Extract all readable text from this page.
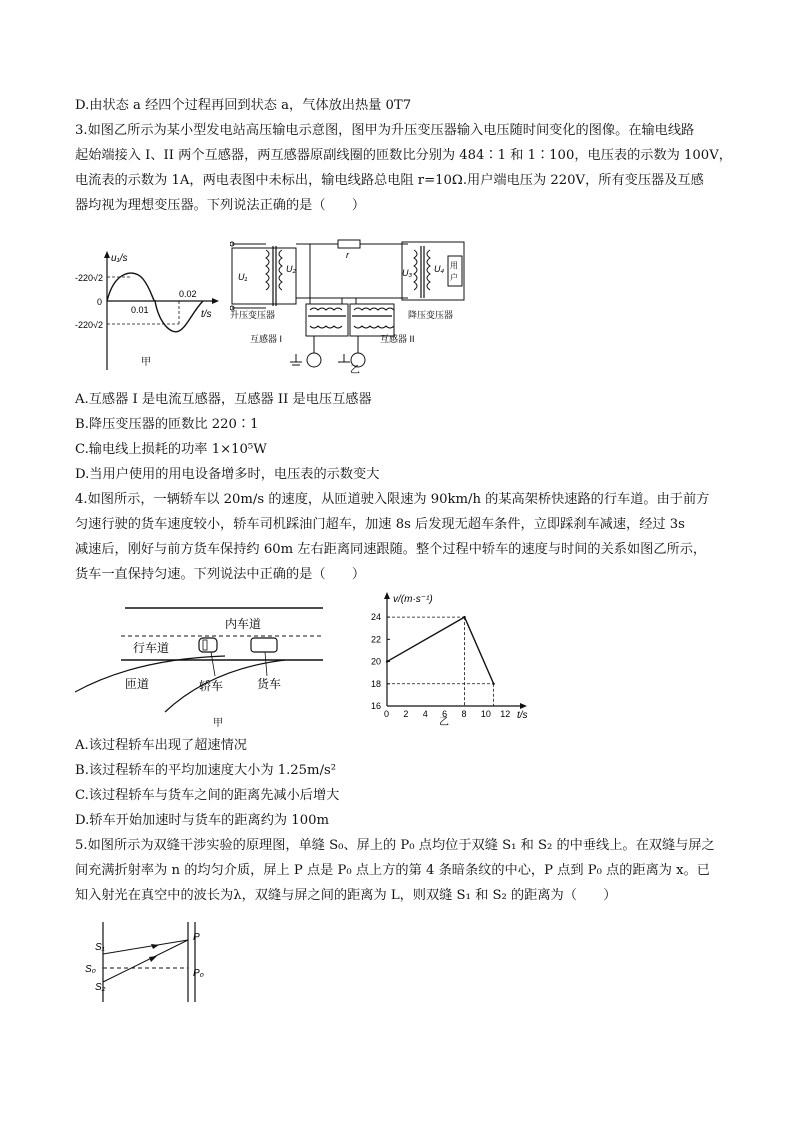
D.由状态 a 经四个过程再回到状态 a，气体放出热量 0T7
3.如图乙所示为某小型发电站高压输电示意图，图甲为升压变压器输入电压随时间变化的图像。在输电线路
起始端接入 I、II 两个互感器，两互感器原副线圈的匝数比分别为 484∶1 和 1∶100，电压表的示数为 100V，
电流表的示数为 1A，两电表图中未标出，输电线路总电阻 r=10Ω.用户端电压为 220V，所有变压器及互感
器均视为理想变压器。下列说法正确的是（　　）
u₁/s
-220√2
0
-220√2
0.01
0.02
t/s
甲
U₁
U₂
r
U₃ U₄ 用
户
升压变压器	降压变压器
互感器 I	互感器 II
乙
A.互感器 I 是电流互感器，互感器 II 是电压互感器
B.降压变压器的匝数比 220∶1
C.输电线上损耗的功率 1×10⁵W
D.当用户使用的用电设备增多时，电压表的示数变大
4.如图所示，一辆轿车以 20m/s 的速度，从匝道驶入限速为 90km/h 的某高架桥快速路的行车道。由于前方
匀速行驶的货车速度较小，轿车司机踩油门超车，加速 8s 后发现无超车条件，立即踩刹车减速，经过 3s
减速后，刚好与前方货车保持约 60m 左右距离同速跟随。整个过程中轿车的速度与时间的关系如图乙所示，
货车一直保持匀速。下列说法中正确的是（　　）
内车道
行车道
匝道	轿车	货车
甲
v/(m·s⁻¹)
t/s
乙
0 2 4 6 8 10 12
16
18
20
22
24
A.该过程轿车出现了超速情况
B.该过程轿车的平均加速度大小为 1.25m/s²
C.该过程轿车与货车之间的距离先减小后增大
D.轿车开始加速时与货车的距离约为 100m
5.如图所示为双缝干涉实验的原理图，单缝 S₀、屏上的 P₀ 点均位于双缝 S₁ 和 S₂ 的中垂线上。在双缝与屏之
间充满折射率为 n 的均匀介质，屏上 P 点是 P₀ 点上方的第 4 条暗条纹的中心，P 点到 P₀ 点的距离为 x。已
知入射光在真空中的波长为λ，双缝与屏之间的距离为 L，则双缝 S₁ 和 S₂ 的距离为（　　）
S₀
S₁
S₂
P
P₀
